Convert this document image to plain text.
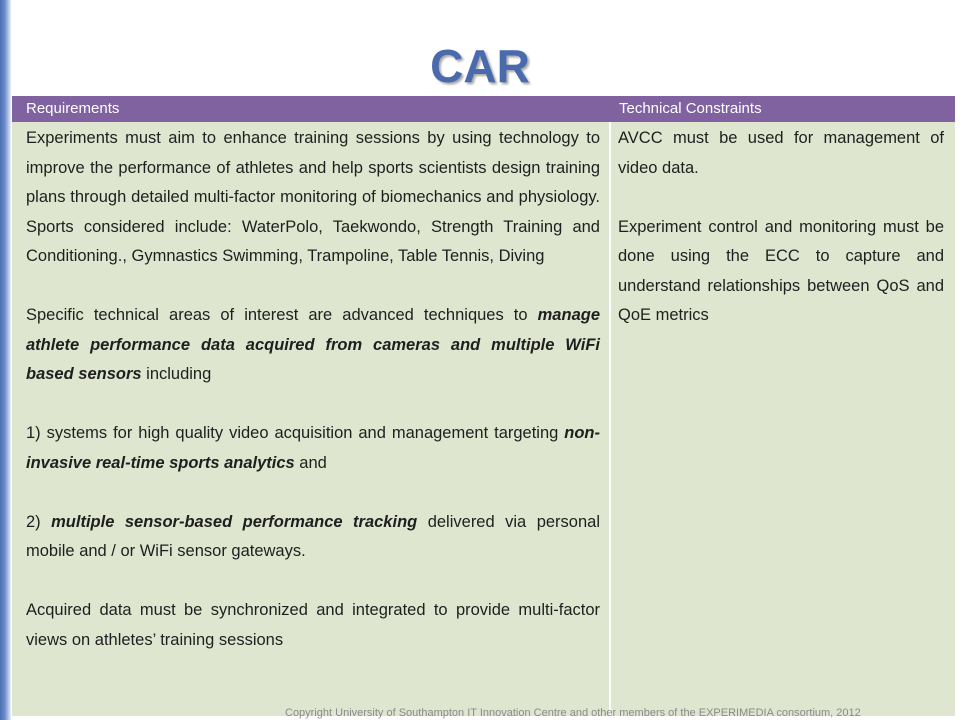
CAR
Requirements	Technical Constraints

Experiments must aim to enhance training sessions by using technology to improve the performance of athletes and help sports scientists design training plans through detailed multi-factor monitoring of biomechanics and physiology. Sports considered include: WaterPolo, Taekwondo, Strength Training and Conditioning., Gymnastics Swimming, Trampoline, Table Tennis, Diving

Specific technical areas of interest are advanced techniques to manage athlete performance data acquired from cameras and multiple WiFi based sensors including

1) systems for high quality video acquisition and management targeting non-invasive real-time sports analytics and

2) multiple sensor-based performance tracking delivered via personal mobile and / or WiFi sensor gateways.

Acquired data must be synchronized and integrated to provide multi-factor views on athletes’ training sessions

AVCC must be used for management of video data.

Experiment control and monitoring must be done using the ECC to capture and understand relationships between QoS and QoE metrics

Copyright University of Southampton IT Innovation Centre and other members of the EXPERIMEDIA consortium, 2012
